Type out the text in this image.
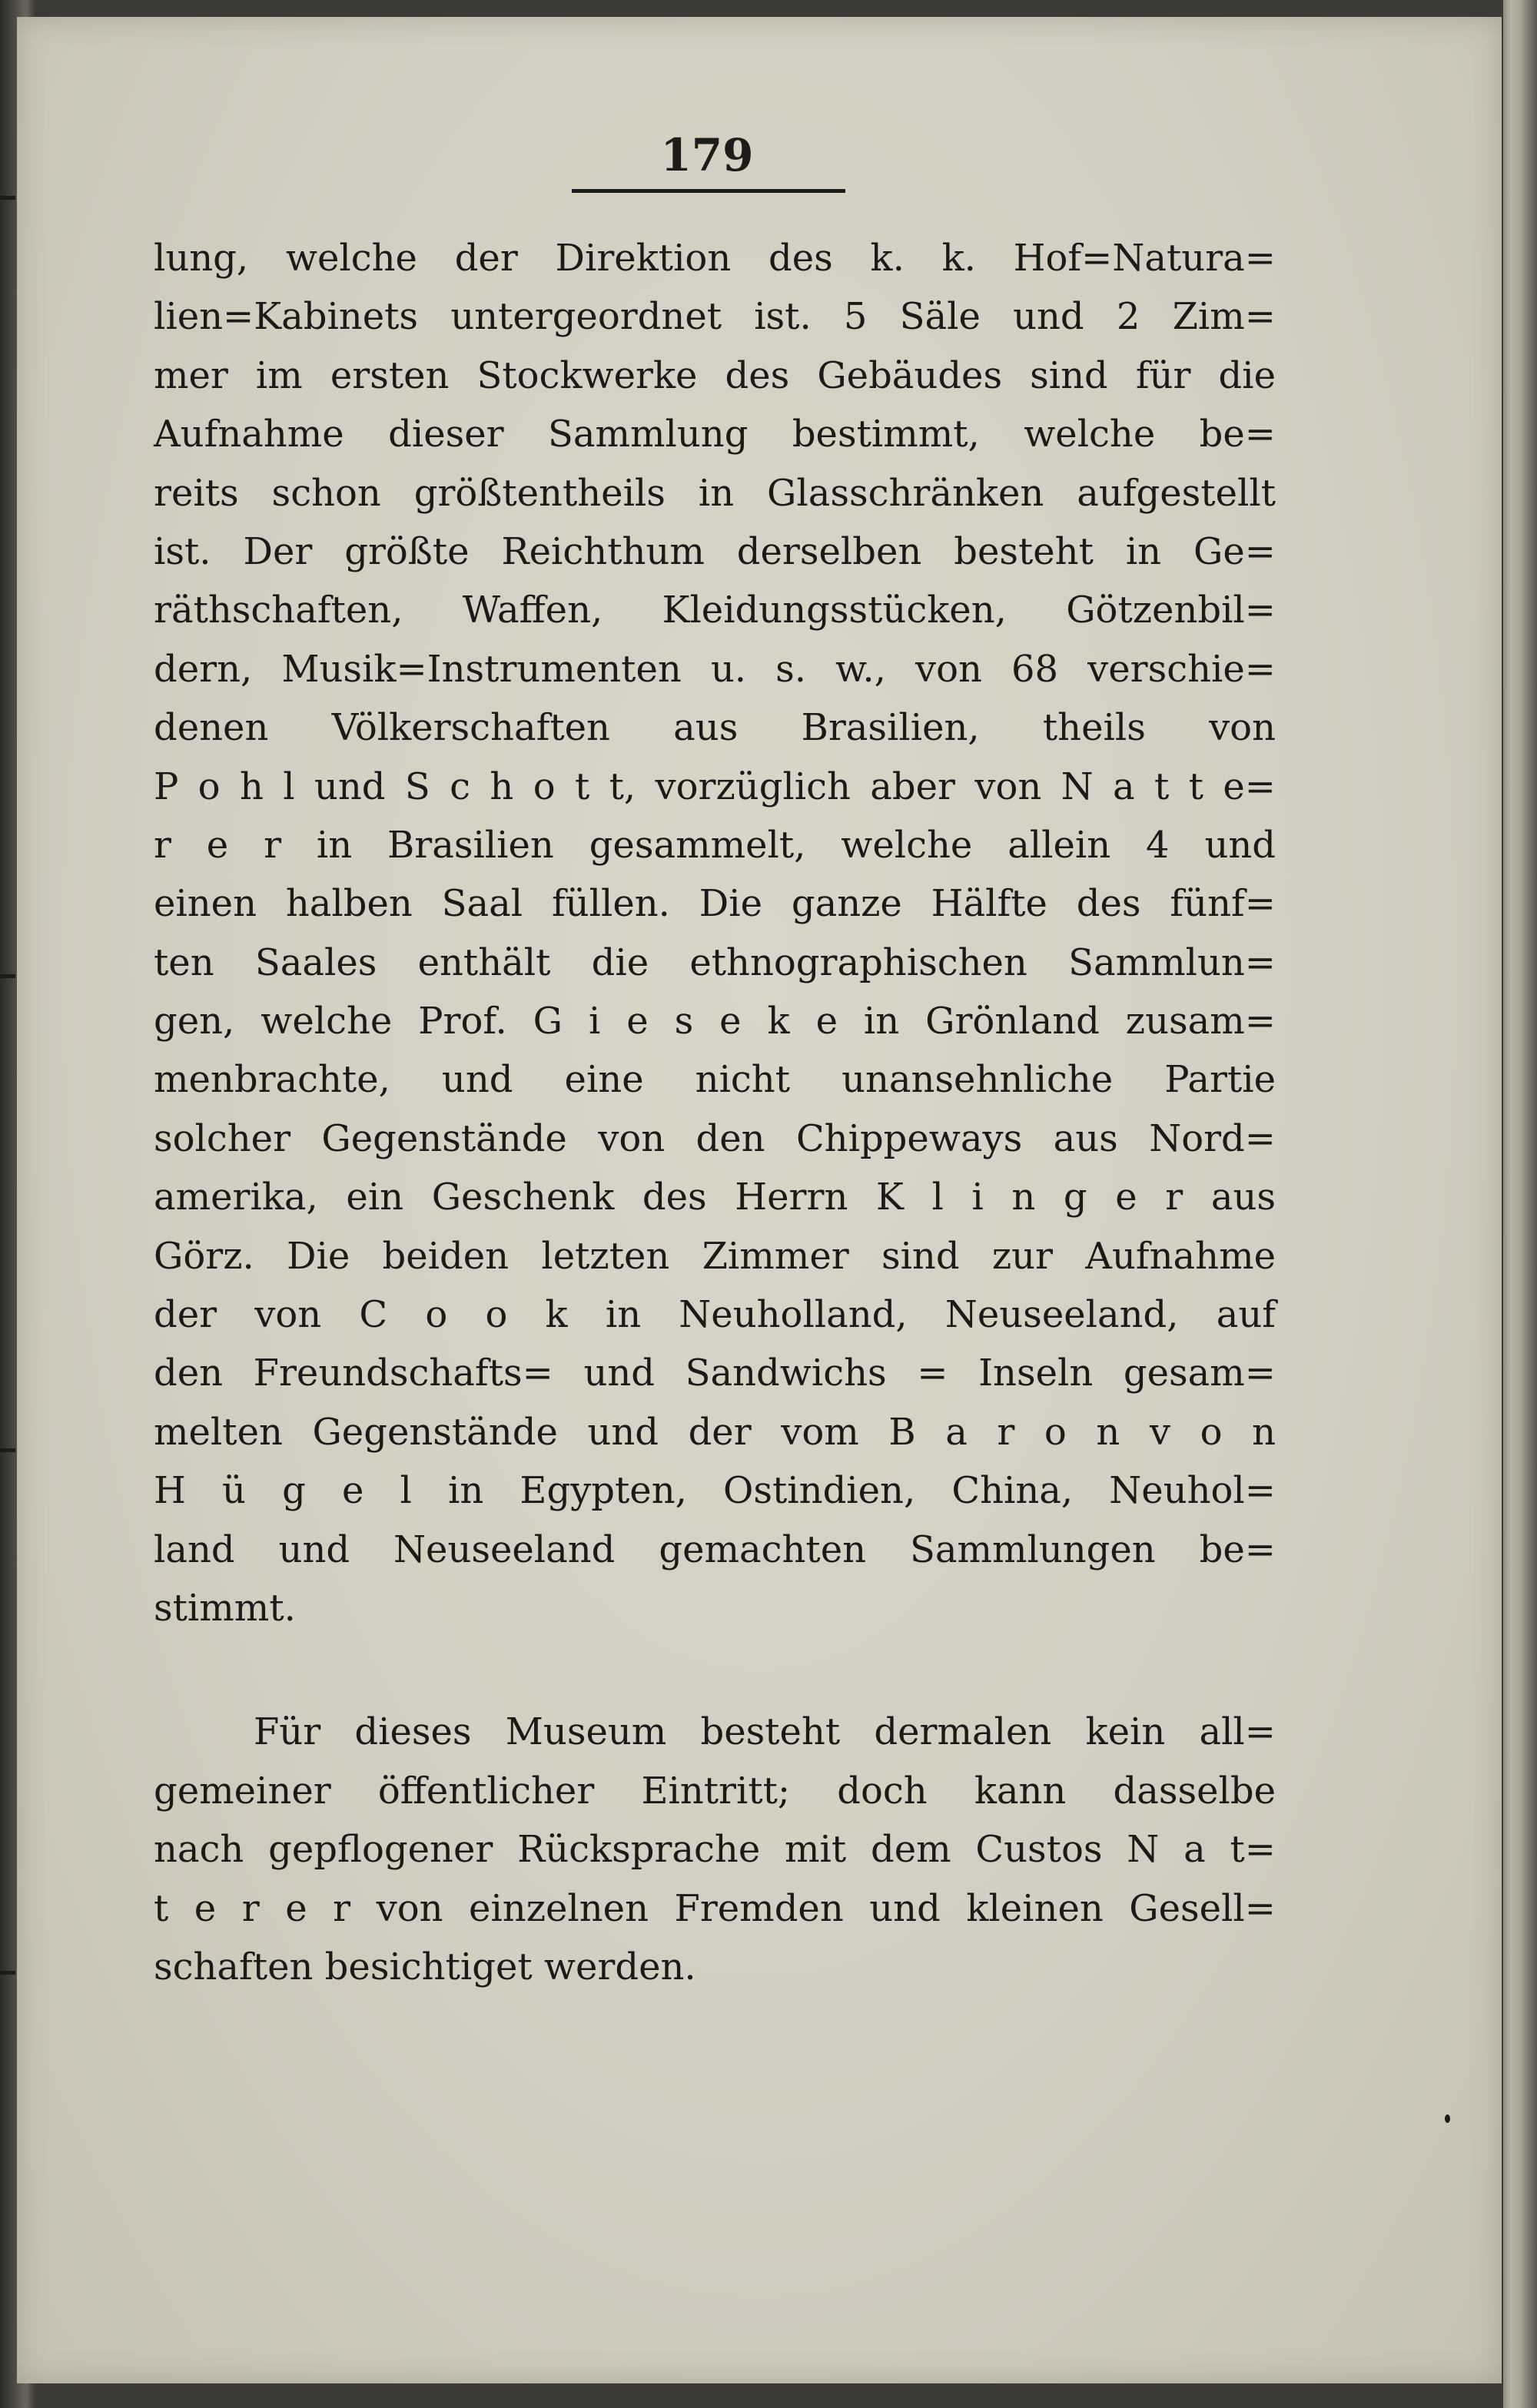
179
lung, welche der Direktion des k. k. Hof=Natura=
lien=Kabinets untergeordnet ist. 5 Säle und 2 Zim=
mer im ersten Stockwerke des Gebäudes sind für die
Aufnahme dieser Sammlung bestimmt, welche be=
reits schon größtentheils in Glasschränken aufgestellt
ist. Der größte Reichthum derselben besteht in Ge=
räthschaften, Waffen, Kleidungsstücken, Götzenbil=
dern, Musik=Instrumenten u. s. w., von 68 verschie=
denen Völkerschaften aus Brasilien, theils von
P o h l und S c h o t t, vorzüglich aber von N a t t e=
r e r in Brasilien gesammelt, welche allein 4 und
einen halben Saal füllen. Die ganze Hälfte des fünf=
ten Saales enthält die ethnographischen Sammlun=
gen, welche Prof. G i e s e k e in Grönland zusam=
menbrachte, und eine nicht unansehnliche Partie
solcher Gegenstände von den Chippeways aus Nord=
amerika, ein Geschenk des Herrn K l i n g e r aus
Görz. Die beiden letzten Zimmer sind zur Aufnahme
der von C o o k in Neuholland, Neuseeland, auf
den Freundschafts= und Sandwichs = Inseln gesam=
melten Gegenstände und der vom B a r o n v o n
H ü g e l in Egypten, Ostindien, China, Neuhol=
land und Neuseeland gemachten Sammlungen be=
stimmt.
Für dieses Museum besteht dermalen kein all=
gemeiner öffentlicher Eintritt; doch kann dasselbe
nach gepflogener Rücksprache mit dem Custos N a t=
t e r e r von einzelnen Fremden und kleinen Gesell=
schaften besichtiget werden.
